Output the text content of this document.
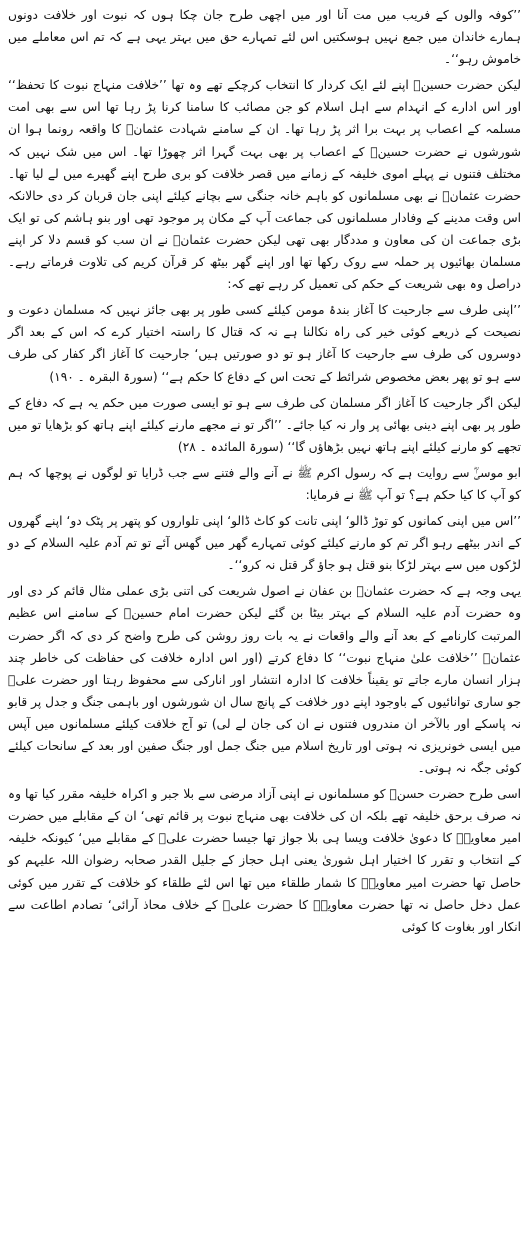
’’کوفہ والوں کے فریب میں مت آنا اور میں اچھی طرح جان چکا ہوں کہ نبوت اور خلافت دونوں ہمارے خاندان میں جمع نہیں ہوسکتیں اس لئے تمہارے حق میں بہتر یہی ہے کہ تم اس معاملے میں خاموش رہو‘‘۔

لیکن حضرت حسینؓ اپنے لئے ایک کردار کا انتخاب کرچکے تھے وہ تھا ’’خلافت منہاج نبوت کا تحفظ‘‘ اور اس ادارے کے انہدام سے اہل اسلام کو جن مصائب کا سامنا کرنا پڑ رہا تھا اس سے بھی امت مسلمہ کے اعصاب پر بہت برا اثر پڑ رہا تھا۔ ان کے سامنے شہادت عثمانؓ کا واقعہ رونما ہوا ان شورشوں نے حضرت حسینؓ کے اعصاب پر بھی بہت گہرا اثر چھوڑا تھا۔ اس میں شک نہیں کہ مختلف فتنوں نے پہلے اموی خلیفہ کے زمانے میں قصر خلافت کو بری طرح اپنے گھیرے میں لے لیا تھا۔ حضرت عثمانؓ نے بھی مسلمانوں کو باہم خانہ جنگی سے بچانے کیلئے اپنی جان قربان کر دی حالانکہ اس وقت مدینے کے وفادار مسلمانوں کی جماعت آپ کے مکان پر موجود تھی اور بنو ہاشم کی تو ایک بڑی جماعت ان کی معاون و مددگار بھی تھی لیکن حضرت عثمانؓ نے ان سب کو قسم دلا کر اپنے مسلمان بھائیوں پر حملہ سے روک رکھا تھا اور اپنے گھر بیٹھ کر قرآن کریم کی تلاوت فرماتے رہے۔ دراصل وہ بھی شریعت کے حکم کی تعمیل کر رہے تھے کہ:

’’اپنی طرف سے جارحیت کا آغاز بندۂ مومن کیلئے کسی طور پر بھی جائز نہیں کہ مسلمان دعوت و نصیحت کے ذریعے کوئی خیر کی راہ نکالنا ہے نہ کہ قتال کا راستہ اختیار کرے کہ اس کے بعد اگر دوسروں کی طرف سے جارحیت کا آغاز ہو تو دو صورتیں ہیں‘ جارحیت کا آغاز اگر کفار کی طرف سے ہو تو پھر بعض مخصوص شرائط کے تحت اس کے دفاع کا حکم ہے‘‘ (سورۃ البقرہ ۔ ۱۹۰)

لیکن اگر جارحیت کا آغاز اگر مسلمان کی طرف سے ہو تو ایسی صورت میں حکم یہ ہے کہ دفاع کے طور پر بھی اپنے دینی بھائی پر وار نہ کیا جائے۔ ’’اگر تو نے مجھے مارنے کیلئے اپنے ہاتھ کو بڑھایا تو میں تجھے کو مارنے کیلئے اپنے ہاتھ نہیں بڑھاؤں گا‘‘ (سورۃ المائدہ ۔ ۲۸)

ابو موسیٰؓ سے روایت ہے کہ رسول اکرم ﷺ نے آنے والے فتنے سے جب ڈرایا تو لوگوں نے پوچھا کہ ہم کو آپ کا کیا حکم ہے؟ تو آپ ﷺ نے فرمایا:

’’اس میں اپنی کمانوں کو توڑ ڈالو‘ اپنی تانت کو کاٹ ڈالو‘ اپنی تلواروں کو پتھر پر پٹک دو‘ اپنے گھروں کے اندر بیٹھے رہو اگر تم کو مارنے کیلئے کوئی تمہارے گھر میں گھس آئے تو تم آدم علیہ السلام کے دو لڑکوں میں سے بہتر لڑکا بنو قتل ہو جاؤ گر قتل نہ کرو‘‘۔

یہی وجہ ہے کہ حضرت عثمانؓ بن عفان نے اصول شریعت کی اتنی بڑی عملی مثال قائم کر دی اور وہ حضرت آدم علیہ السلام کے بہتر بیٹا بن گئے لیکن حضرت امام حسینؓ کے سامنے اس عظیم المرتبت کارنامے کے بعد آنے والے واقعات نے یہ بات روز روشن کی طرح واضح کر دی کہ اگر حضرت عثمانؓ ’’خلافت علیٰ منہاج نبوت‘‘ کا دفاع کرتے (اور اس ادارہ خلافت کی حفاظت کی خاطر چند ہزار انسان مارے جاتے تو یقیناً خلافت کا ادارہ انتشار اور انارکی سے محفوظ رہتا اور حضرت علیؓ جو ساری توانائیوں کے باوجود اپنے دور خلافت کے پانچ سال ان شورشوں اور باہمی جنگ و جدل پر قابو نہ پاسکے اور بالآخر ان مندروں فتنوں نے ان کی جان لے لی) تو آج خلافت کیلئے مسلمانوں میں آپس میں ایسی خونریزی نہ ہوتی اور تاریخ اسلام میں جنگ جمل اور جنگ صفین اور بعد کے سانحات کیلئے کوئی جگہ نہ ہوتی۔

اسی طرح حضرت حسنؓ کو مسلمانوں نے اپنی آزاد مرضی سے بلا جبر و اکراہ خلیفہ مقرر کیا تھا وہ نہ صرف برحق خلیفہ تھے بلکہ ان کی خلافت بھی منہاج نبوت پر قائم تھی‘ ان کے مقابلے میں حضرت امیر معاویہؓ کا دعویٰ خلافت ویسا ہی بلا جواز تھا جیسا حضرت علیؓ کے مقابلے میں‘ کیونکہ خلیفہ کے انتخاب و تقرر کا اختیار اہل شوریٰ یعنی اہل حجاز کے جلیل القدر صحابہ رضوان اللہ علیہم کو حاصل تھا حضرت امیر معاویہؓ کا شمار طلقاء میں تھا اس لئے طلقاء کو خلافت کے تقرر میں کوئی عمل دخل حاصل نہ تھا حضرت معاویہؓ کا حضرت علیؓ کے خلاف محاذ آرائی‘ تصادم اطاعت سے انکار اور بغاوت کا کوئی
